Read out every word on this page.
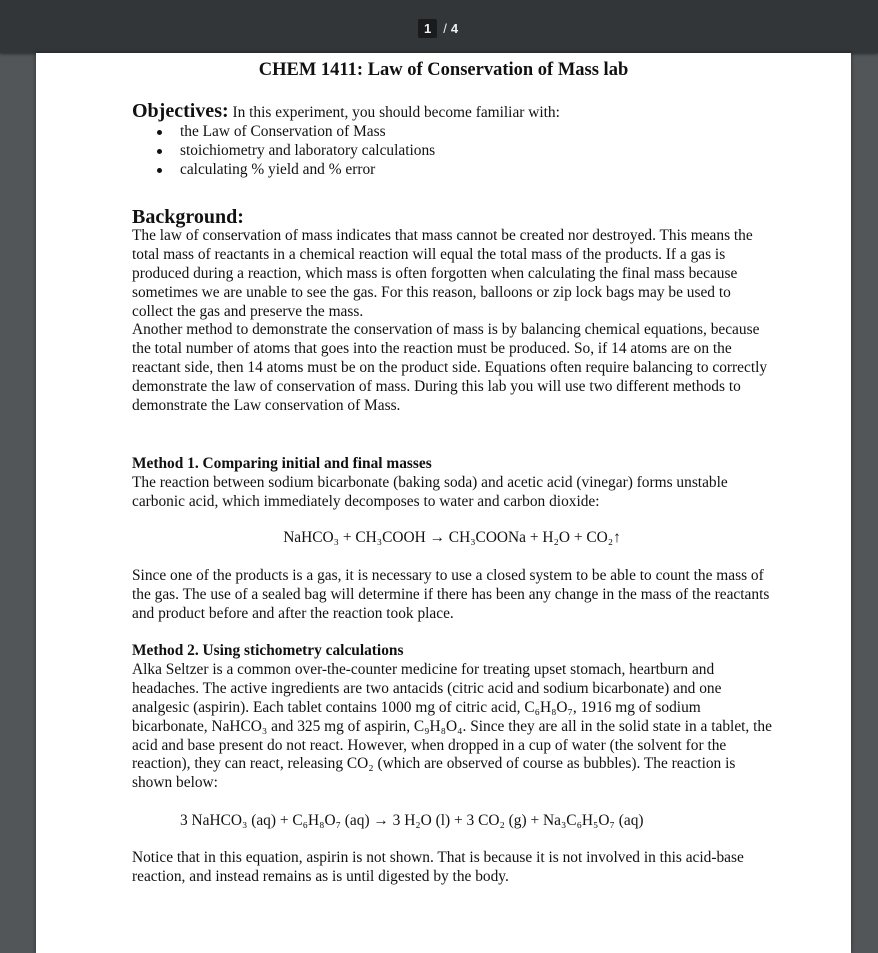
1 / 4
CHEM 1411: Law of Conservation of Mass lab
Objectives: In this experiment, you should become familiar with:
the Law of Conservation of Mass
stoichiometry and laboratory calculations
calculating % yield and % error
Background:
The law of conservation of mass indicates that mass cannot be created nor destroyed. This means the total mass of reactants in a chemical reaction will equal the total mass of the products. If a gas is produced during a reaction, which mass is often forgotten when calculating the final mass because sometimes we are unable to see the gas. For this reason, balloons or zip lock bags may be used to collect the gas and preserve the mass.
Another method to demonstrate the conservation of mass is by balancing chemical equations, because the total number of atoms that goes into the reaction must be produced. So, if 14 atoms are on the reactant side, then 14 atoms must be on the product side. Equations often require balancing to correctly demonstrate the law of conservation of mass. During this lab you will use two different methods to demonstrate the Law conservation of Mass.
Method 1. Comparing initial and final masses
The reaction between sodium bicarbonate (baking soda) and acetic acid (vinegar) forms unstable carbonic acid, which immediately decomposes to water and carbon dioxide:
NaHCO₃ + CH₃COOH → CH₃COONa + H₂O + CO₂↑
Since one of the products is a gas, it is necessary to use a closed system to be able to count the mass of the gas. The use of a sealed bag will determine if there has been any change in the mass of the reactants and product before and after the reaction took place.
Method 2. Using stichometry calculations
Alka Seltzer is a common over-the-counter medicine for treating upset stomach, heartburn and headaches. The active ingredients are two antacids (citric acid and sodium bicarbonate) and one analgesic (aspirin). Each tablet contains 1000 mg of citric acid, C₆H₈O₇, 1916 mg of sodium bicarbonate, NaHCO₃ and 325 mg of aspirin, C₉H₈O₄. Since they are all in the solid state in a tablet, the acid and base present do not react. However, when dropped in a cup of water (the solvent for the reaction), they can react, releasing CO₂ (which are observed of course as bubbles). The reaction is shown below:
3 NaHCO₃ (aq) + C₆H₈O₇ (aq) → 3 H₂O (l) + 3 CO₂ (g) + Na₃C₆H₅O₇ (aq)
Notice that in this equation, aspirin is not shown. That is because it is not involved in this acid-base reaction, and instead remains as is until digested by the body.
